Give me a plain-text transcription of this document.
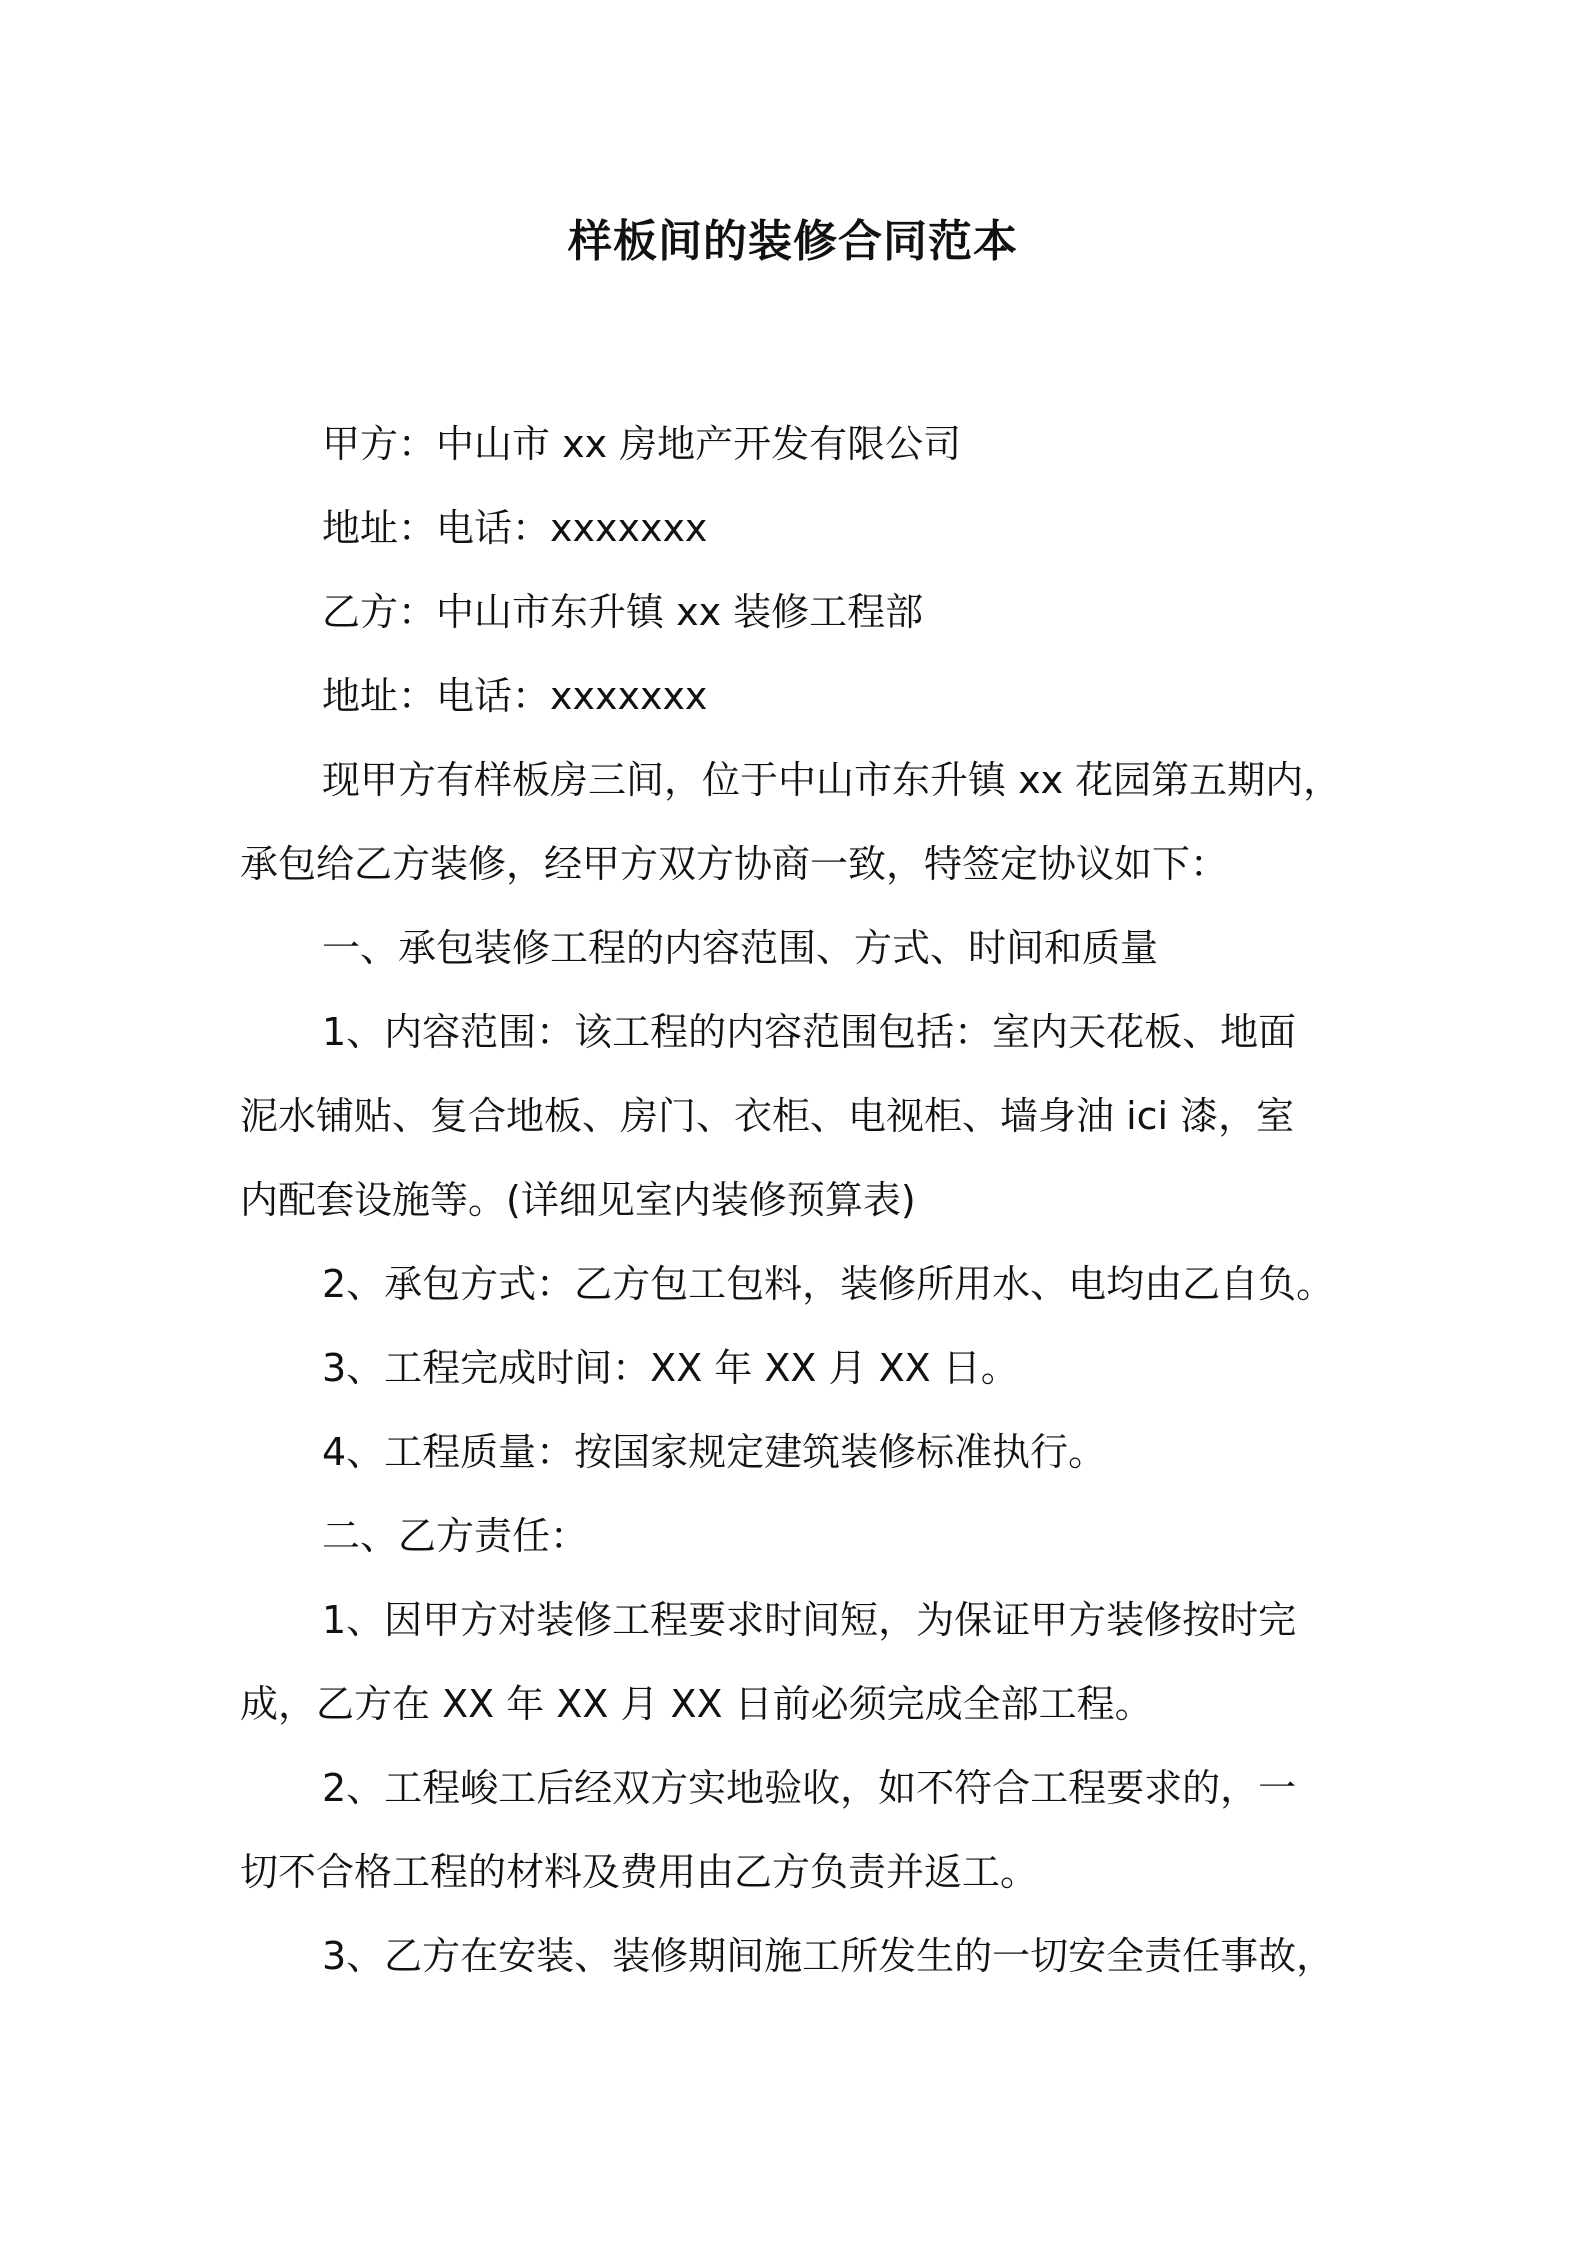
样板间的装修合同范本

甲方：中山市 xx 房地产开发有限公司

地址：电话：xxxxxxx

乙方：中山市东升镇 xx 装修工程部

地址：电话：xxxxxxx

现甲方有样板房三间，位于中山市东升镇 xx 花园第五期内，

承包给乙方装修，经甲方双方协商一致，特签定协议如下：

一、承包装修工程的内容范围、方式、时间和质量

1、内容范围：该工程的内容范围包括：室内天花板、地面

泥水铺贴、复合地板、房门、衣柜、电视柜、墙身油 ici 漆，室

内配套设施等。(详细见室内装修预算表)

2、承包方式：乙方包工包料，装修所用水、电均由乙自负。

3、工程完成时间：XX 年 XX 月 XX 日。

4、工程质量：按国家规定建筑装修标准执行。

二、乙方责任：

1、因甲方对装修工程要求时间短，为保证甲方装修按时完

成，乙方在 XX 年 XX 月 XX 日前必须完成全部工程。

2、工程峻工后经双方实地验收，如不符合工程要求的，一

切不合格工程的材料及费用由乙方负责并返工。

3、乙方在安装、装修期间施工所发生的一切安全责任事故，
